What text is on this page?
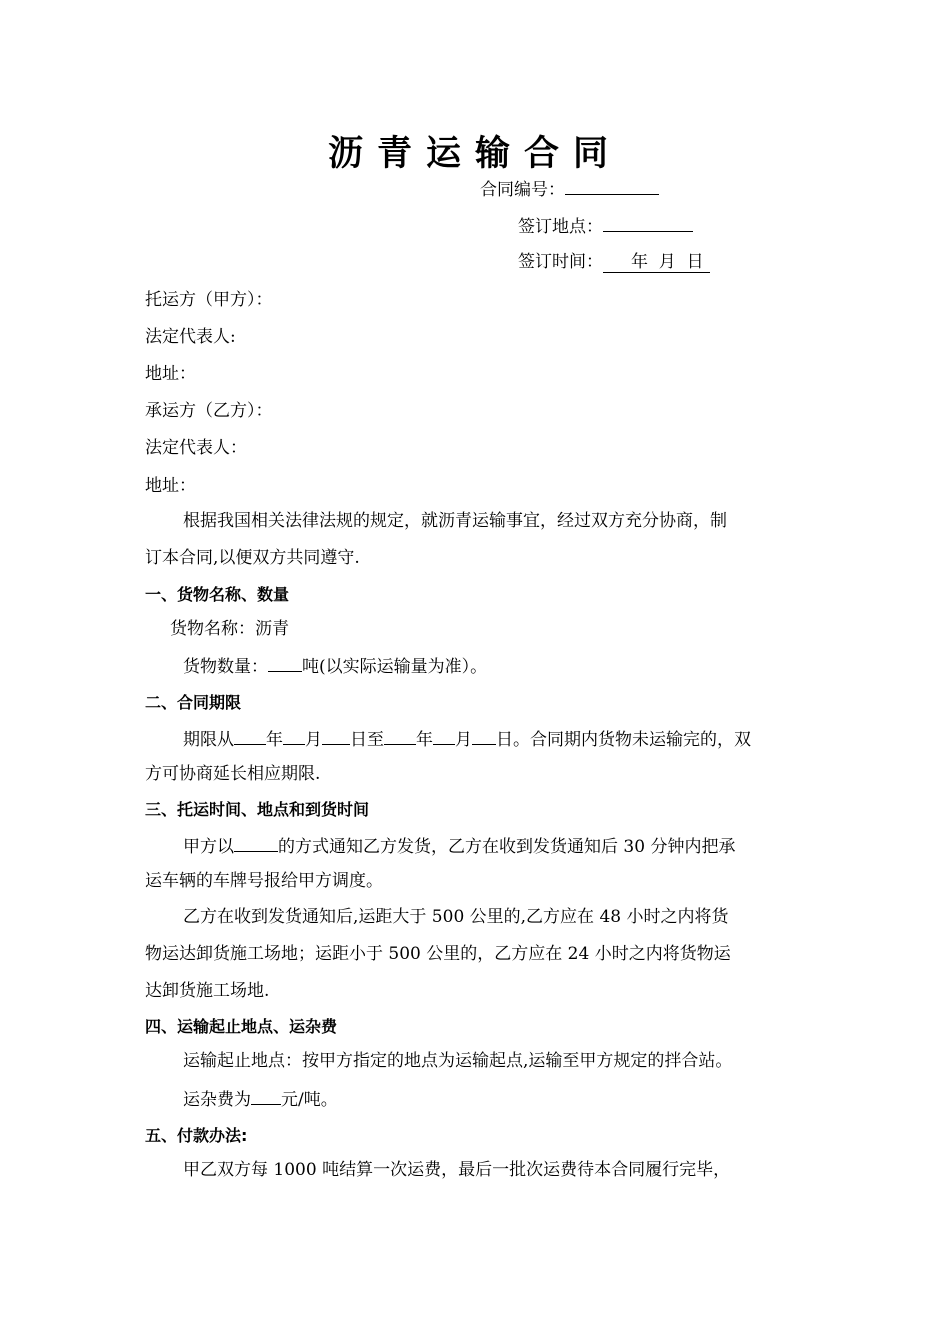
沥青运输合同
合同编号：
签订地点：
签订时间： 年  月  日
托运方（甲方）：
法定代表人:
地址：
承运方（乙方）：
法定代表人：
地址：
根据我国相关法律法规的规定，就沥青运输事宜，经过双方充分协商，制
订本合同,以便双方共同遵守.
一、货物名称、数量
货物名称：沥青
货物数量： 吨(以实际运输量为准）。
二、合同期限
期限从 年 月 日至 年 月 日。合同期内货物未运输完的，双
方可协商延长相应期限.
三、托运时间、地点和到货时间
甲方以	的方式通知乙方发货，乙方在收到发货通知后 30 分钟内把承
运车辆的车牌号报给甲方调度。
乙方在收到发货通知后,运距大于 500 公里的,乙方应在 48 小时之内将货
物运达卸货施工场地；运距小于 500 公里的，乙方应在 24 小时之内将货物运
达卸货施工场地.
四、运输起止地点、运杂费
运输起止地点：按甲方指定的地点为运输起点,运输至甲方规定的拌合站。
运杂费为 元/吨。
五、付款办法:
甲乙双方每 1000 吨结算一次运费，最后一批次运费待本合同履行完毕，
